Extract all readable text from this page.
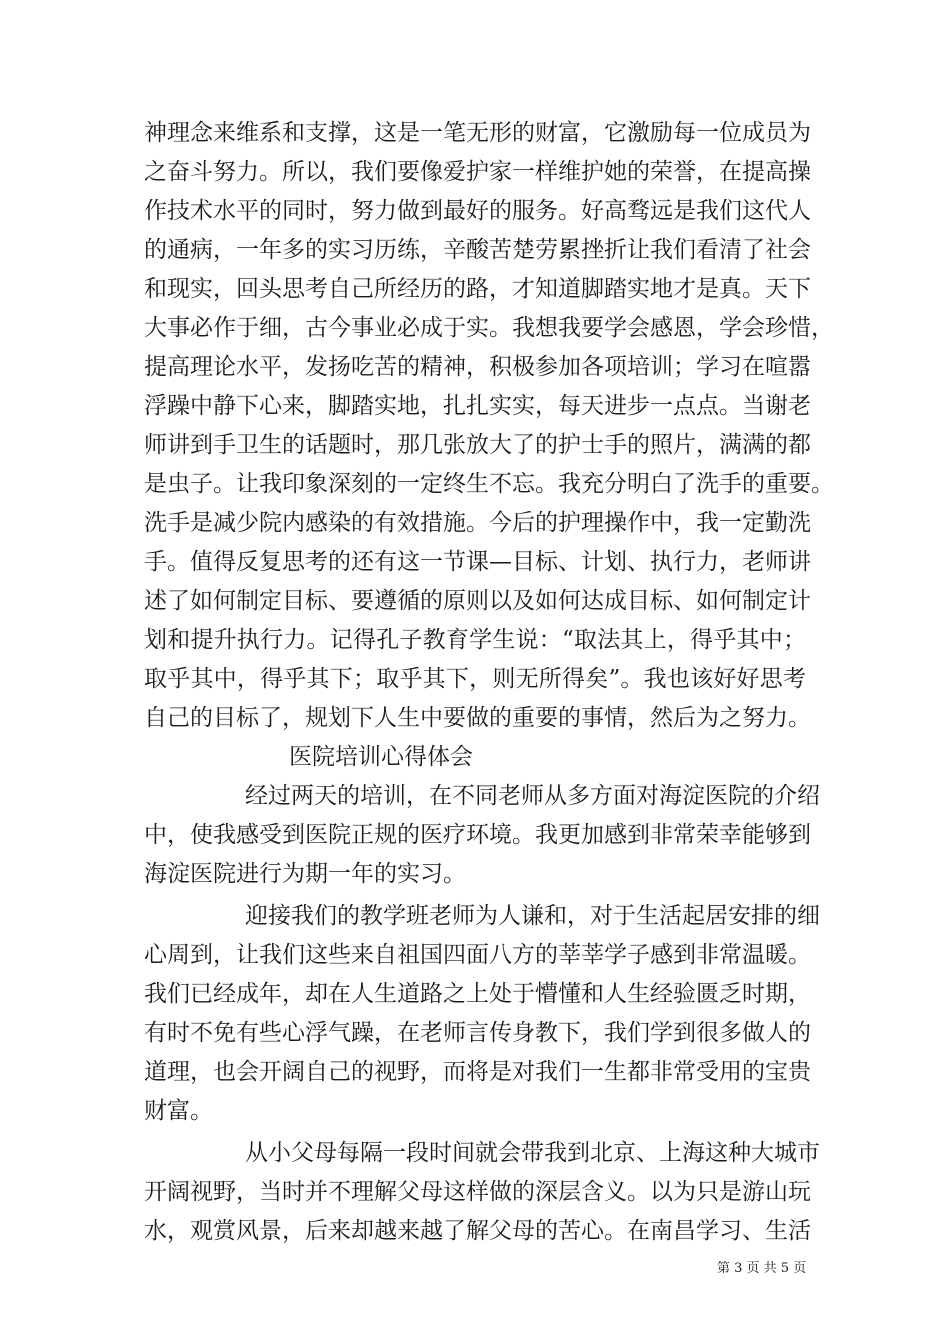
神理念来维系和支撑，这是一笔无形的财富，它激励每一位成员为
之奋斗努力。所以，我们要像爱护家一样维护她的荣誉，在提高操
作技术水平的同时，努力做到最好的服务。好高骛远是我们这代人
的通病，一年多的实习历练，辛酸苦楚劳累挫折让我们看清了社会
和现实，回头思考自己所经历的路，才知道脚踏实地才是真。天下
大事必作于细，古今事业必成于实。我想我要学会感恩，学会珍惜，
提高理论水平，发扬吃苦的精神，积极参加各项培训；学习在喧嚣
浮躁中静下心来，脚踏实地，扎扎实实，每天进步一点点。当谢老
师讲到手卫生的话题时，那几张放大了的护士手的照片，满满的都
是虫子。让我印象深刻的一定终生不忘。我充分明白了洗手的重要。
洗手是减少院内感染的有效措施。今后的护理操作中，我一定勤洗
手。值得反复思考的还有这一节课—目标、计划、执行力，老师讲
述了如何制定目标、要遵循的原则以及如何达成目标、如何制定计
划和提升执行力。记得孔子教育学生说：“取法其上，得乎其中；
取乎其中，得乎其下；取乎其下，则无所得矣”。我也该好好思考
自己的目标了，规划下人生中要做的重要的事情，然后为之努力。
医院培训心得体会
经过两天的培训，在不同老师从多方面对海淀医院的介绍
中，使我感受到医院正规的医疗环境。我更加感到非常荣幸能够到
海淀医院进行为期一年的实习。
迎接我们的教学班老师为人谦和，对于生活起居安排的细
心周到，让我们这些来自祖国四面八方的莘莘学子感到非常温暖。
我们已经成年，却在人生道路之上处于懵懂和人生经验匮乏时期，
有时不免有些心浮气躁，在老师言传身教下，我们学到很多做人的
道理，也会开阔自己的视野，而将是对我们一生都非常受用的宝贵
财富。
从小父母每隔一段时间就会带我到北京、上海这种大城市
开阔视野，当时并不理解父母这样做的深层含义。以为只是游山玩
水，观赏风景，后来却越来越了解父母的苦心。在南昌学习、生活
第 3 页 共 5 页
